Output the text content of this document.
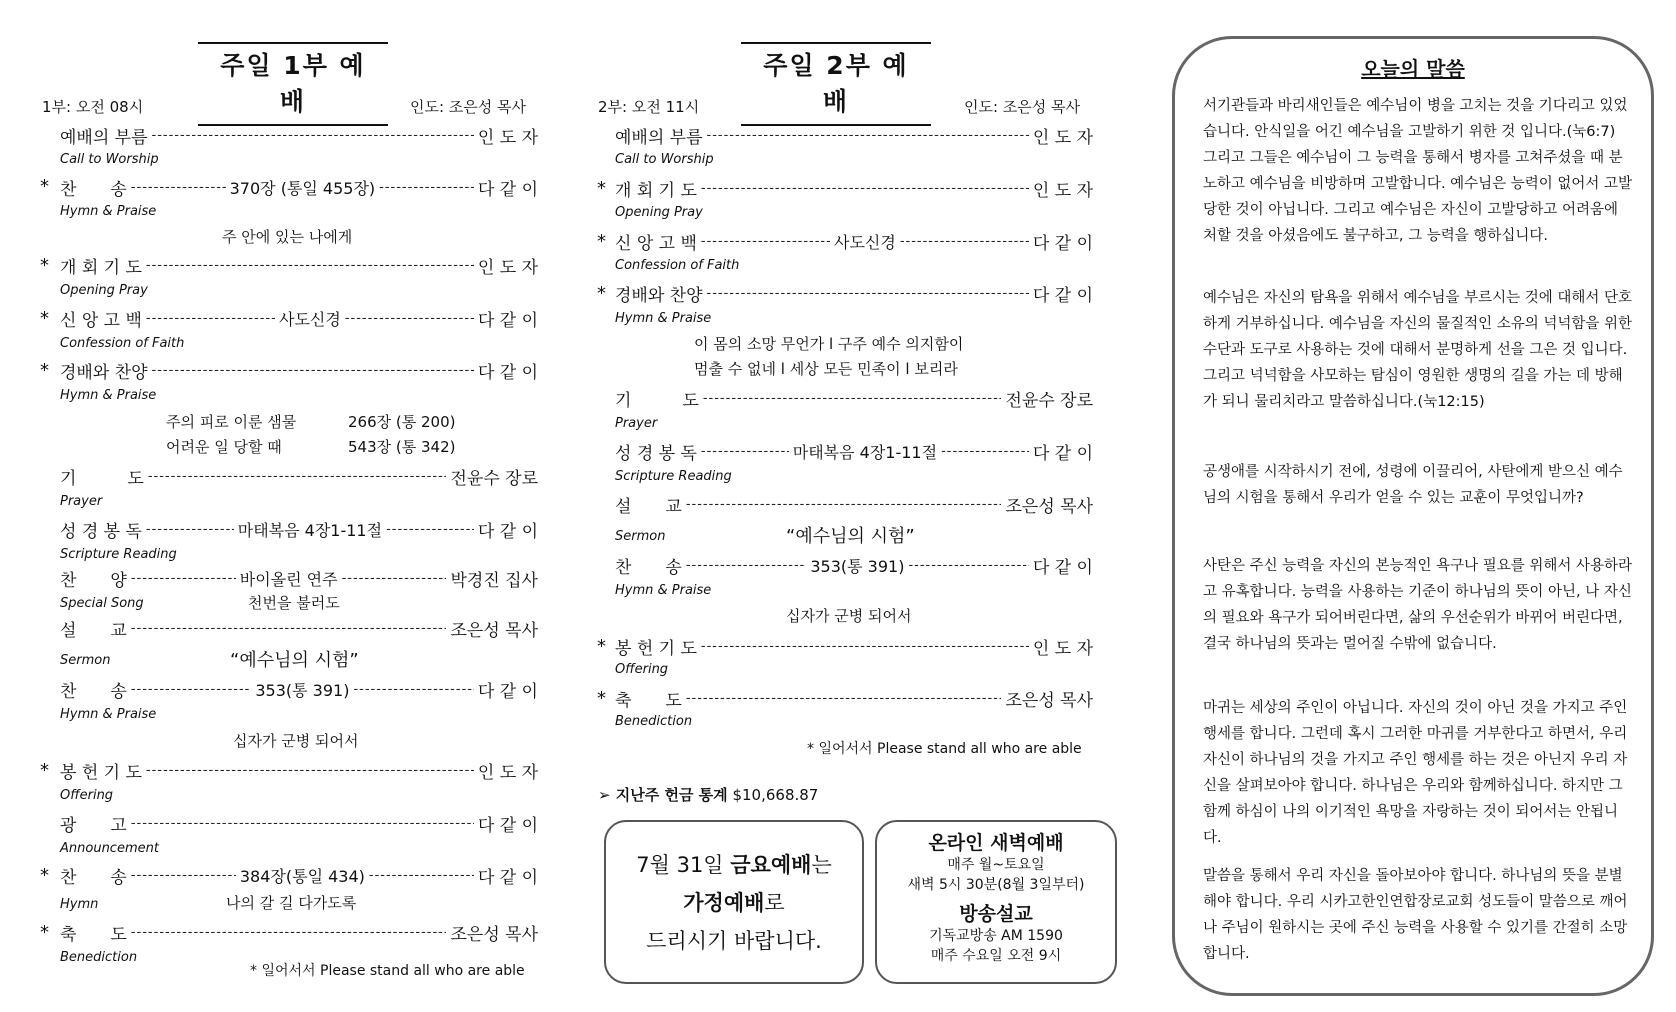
주일 1부 예배
1부: 오전 08시	인도: 조은성 목사
예배의 부름 -----	인 도 자
Call to Worship
* 찬　　송 -----	370장 (통일 455장) -----	다 같 이
Hymn & Praise
주 안에 있는 나에게
* 개 회 기 도 -----	인 도 자
Opening Pray
* 신 앙 고 백 -----	사도신경 -----	다 같 이
Confession of Faith
* 경배와 찬양 -----	다 같 이
Hymn & Praise
주의 피로 이룬 샘물	266장 (통 200)
어려운 일 당할 때	543장 (통 342)
기　　　도 -----	전윤수 장로
Prayer
성 경 봉 독 -----	마태복음 4장1-11절 -----	다 같 이
Scripture Reading
찬　　양 -----	바이올린 연주 -----	박경진 집사
Special Song	천번을 불러도
설　　교 -----	조은성 목사
Sermon	“예수님의 시험”
찬　　송 -----	353(통 391) -----	다 같 이
Hymn & Praise
십자가 군병 되어서
* 봉 헌 기 도 -----	인 도 자
Offering
광　　고 -----	다 같 이
Announcement
* 찬　　송 -----	384장(통일 434) -----	다 같 이
Hymn	나의 갈 길 다가도록
* 축　　도 -----	조은성 목사
Benediction
* 일어서서 Please stand all who are able
주일 2부 예배
2부: 오전 11시	인도: 조은성 목사
예배의 부름 -----	인 도 자
Call to Worship
* 개 회 기 도 -----	인 도 자
Opening Pray
* 신 앙 고 백 -----	사도신경 -----	다 같 이
Confession of Faith
* 경배와 찬양 -----	다 같 이
Hymn & Praise
이 몸의 소망 무언가 l 구주 예수 의지함이
멈출 수 없네 l 세상 모든 민족이 l 보리라
기　　　도 -----	전윤수 장로
Prayer
성 경 봉 독 -----	마태복음 4장1-11절 -----	다 같 이
Scripture Reading
설　　교 -----	조은성 목사
Sermon	“예수님의 시험”
찬　　송 -----	353(통 391) -----	다 같 이
Hymn & Praise
십자가 군병 되어서
* 봉 헌 기 도 -----	인 도 자
Offering
* 축　　도 -----	조은성 목사
Benediction
* 일어서서 Please stand all who are able
➢ 지난주 헌금 통계 $10,668.87
7월 31일 금요예배는
가정예배로
드리시기 바랍니다.
온라인 새벽예배
매주 월~토요일
새벽 5시 30분(8월 3일부터)
방송설교
기독교방송 AM 1590
매주 수요일 오전 9시
오늘의 말씀

서기관들과 바리새인들은 예수님이 병을 고치는 것을 기다리고 있었습니다. 안식일을 어긴 예수님을 고발하기 위한 것 입니다.(눅6:7) 그리고 그들은 예수님이 그 능력을 통해서 병자를 고쳐주셨을 때 분노하고 예수님을 비방하며 고발합니다. 예수님은 능력이 없어서 고발당한 것이 아닙니다. 그리고 예수님은 자신이 고발당하고 어려움에 처할 것을 아셨음에도 불구하고, 그 능력을 행하십니다.

예수님은 자신의 탐욕을 위해서 예수님을 부르시는 것에 대해서 단호하게 거부하십니다. 예수님을 자신의 물질적인 소유의 넉넉함을 위한 수단과 도구로 사용하는 것에 대해서 분명하게 선을 그은 것 입니다.그리고 넉넉함을 사모하는 탐심이 영원한 생명의 길을 가는 데 방해가 되니 물리치라고 말씀하십니다.(눅12:15)

공생애를 시작하시기 전에, 성령에 이끌리어, 사탄에게 받으신 예수님의 시험을 통해서 우리가 얻을 수 있는 교훈이 무엇입니까?

사탄은 주신 능력을 자신의 본능적인 욕구나 필요를 위해서 사용하라고 유혹합니다. 능력을 사용하는 기준이 하나님의 뜻이 아닌, 나 자신의 필요와 욕구가 되어버린다면, 삶의 우선순위가 바뀌어 버린다면, 결국 하나님의 뜻과는 멀어질 수밖에 없습니다.

마귀는 세상의 주인이 아닙니다. 자신의 것이 아닌 것을 가지고 주인 행세를 합니다. 그런데 혹시 그러한 마귀를 거부한다고 하면서, 우리 자신이 하나님의 것을 가지고 주인 행세를 하는 것은 아닌지 우리 자신을 살펴보아야 합니다. 하나님은 우리와 함께하십니다. 하지만 그 함께 하심이 나의 이기적인 욕망을 자랑하는 것이 되어서는 안됩니다.

말씀을 통해서 우리 자신을 돌아보아야 합니다. 하나님의 뜻을 분별해야 합니다. 우리 시카고한인연합장로교회 성도들이 말씀으로 깨어나 주님이 원하시는 곳에 주신 능력을 사용할 수 있기를 간절히 소망합니다.
